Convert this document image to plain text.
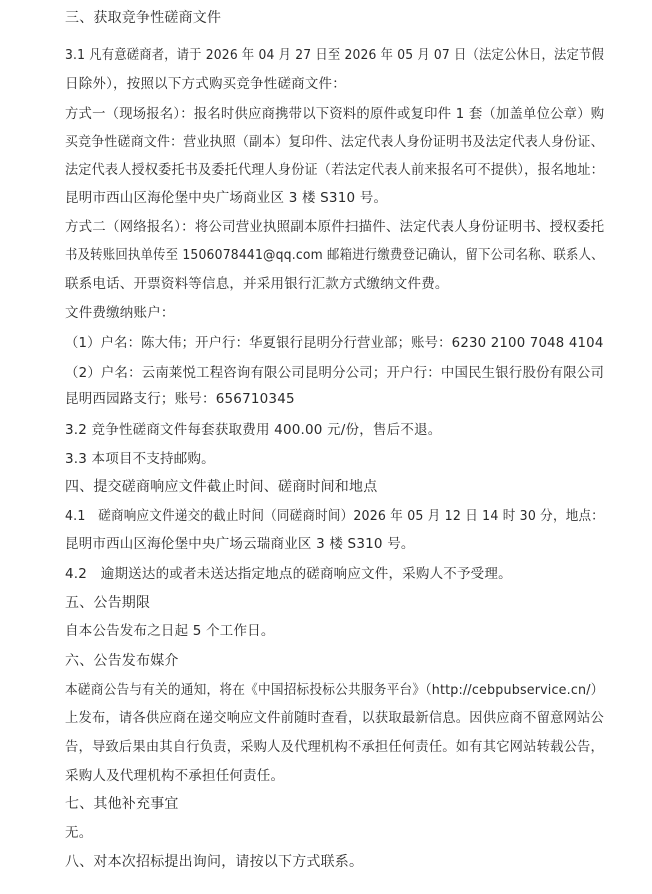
三、获取竞争性磋商文件
3.1 凡有意磋商者，请于 2026 年 04 月 27 日至 2026 年 05 月 07 日（法定公休日，法定节假
日除外），按照以下方式购买竞争性磋商文件：
方式一（现场报名）：报名时供应商携带以下资料的原件或复印件 1 套（加盖单位公章）购
买竞争性磋商文件：营业执照（副本）复印件、法定代表人身份证明书及法定代表人身份证、
法定代表人授权委托书及委托代理人身份证（若法定代表人前来报名可不提供），报名地址：
昆明市西山区海伦堡中央广场商业区 3 楼 S310 号。
方式二（网络报名）：将公司营业执照副本原件扫描件、法定代表人身份证明书、授权委托
书及转账回执单传至 1506078441@qq.com 邮箱进行缴费登记确认，留下公司名称、联系人、
联系电话、开票资料等信息，并采用银行汇款方式缴纳文件费。
文件费缴纳账户：
（1）户名：陈大伟；开户行：华夏银行昆明分行营业部；账号：6230 2100 7048 4104
（2）户名：云南莱悦工程咨询有限公司昆明分公司；开户行：中国民生银行股份有限公司
昆明西园路支行；账号：656710345
3.2 竞争性磋商文件每套获取费用 400.00 元/份，售后不退。
3.3 本项目不支持邮购。
四、提交磋商响应文件截止时间、磋商时间和地点
4.1　磋商响应文件递交的截止时间（同磋商时间）2026 年 05 月 12 日 14 时 30 分，地点：
昆明市西山区海伦堡中央广场云瑞商业区 3 楼 S310 号。
4.2　逾期送达的或者未送达指定地点的磋商响应文件，采购人不予受理。
五、公告期限
自本公告发布之日起 5 个工作日。
六、公告发布媒介
本磋商公告与有关的通知，将在《中国招标投标公共服务平台》（http://cebpubservice.cn/）
上发布，请各供应商在递交响应文件前随时查看，以获取最新信息。因供应商不留意网站公
告，导致后果由其自行负责，采购人及代理机构不承担任何责任。如有其它网站转载公告，
采购人及代理机构不承担任何责任。
七、其他补充事宜
无。
八、对本次招标提出询问，请按以下方式联系。
